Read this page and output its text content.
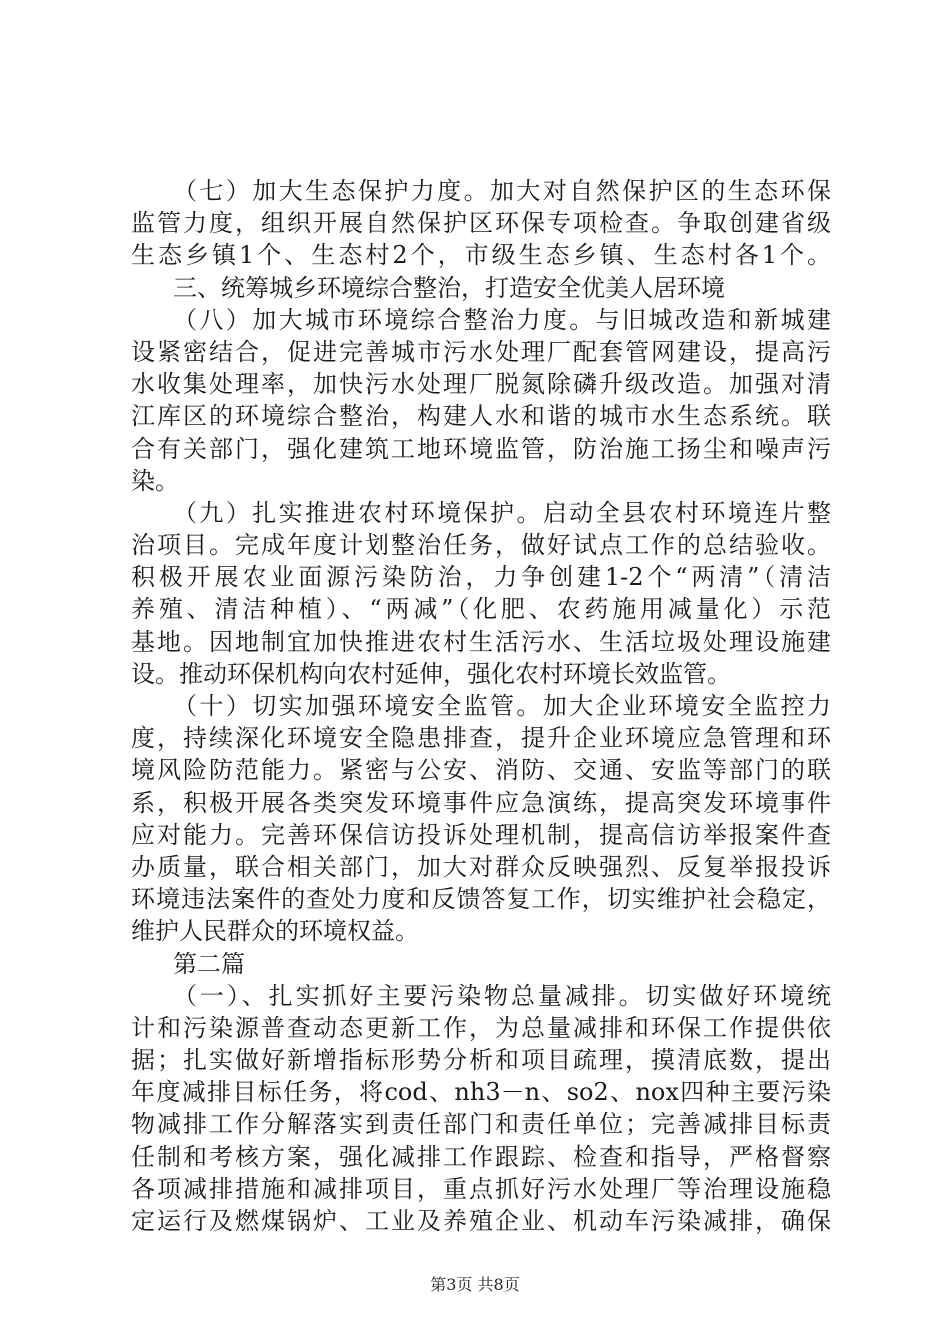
（七）加大生态保护力度。加大对自然保护区的生态环保
监管力度，组织开展自然保护区环保专项检查。争取创建省级
生态乡镇1个、生态村2个，市级生态乡镇、生态村各1个。
三、统筹城乡环境综合整治，打造安全优美人居环境
（八）加大城市环境综合整治力度。与旧城改造和新城建
设紧密结合，促进完善城市污水处理厂配套管网建设，提高污
水收集处理率，加快污水处理厂脱氮除磷升级改造。加强对清
江库区的环境综合整治，构建人水和谐的城市水生态系统。联
合有关部门，强化建筑工地环境监管，防治施工扬尘和噪声污
染。
（九）扎实推进农村环境保护。启动全县农村环境连片整
治项目。完成年度计划整治任务，做好试点工作的总结验收。
积极开展农业面源污染防治，力争创建1-2个“两清”（清洁
养殖、清洁种植）、“两减”（化肥、农药施用减量化）示范
基地。因地制宜加快推进农村生活污水、生活垃圾处理设施建
设。推动环保机构向农村延伸，强化农村环境长效监管。
（十）切实加强环境安全监管。加大企业环境安全监控力
度，持续深化环境安全隐患排查，提升企业环境应急管理和环
境风险防范能力。紧密与公安、消防、交通、安监等部门的联
系，积极开展各类突发环境事件应急演练，提高突发环境事件
应对能力。完善环保信访投诉处理机制，提高信访举报案件查
办质量，联合相关部门，加大对群众反映强烈、反复举报投诉
环境违法案件的查处力度和反馈答复工作，切实维护社会稳定，
维护人民群众的环境权益。
第二篇
（一）、扎实抓好主要污染物总量减排。切实做好环境统
计和污染源普查动态更新工作，为总量减排和环保工作提供依
据；扎实做好新增指标形势分析和项目疏理，摸清底数，提出
年度减排目标任务，将cod、nh3－n、so2、nox四种主要污染
物减排工作分解落实到责任部门和责任单位；完善减排目标责
任制和考核方案，强化减排工作跟踪、检查和指导，严格督察
各项减排措施和减排项目，重点抓好污水处理厂等治理设施稳
定运行及燃煤锅炉、工业及养殖企业、机动车污染减排，确保
第3页 共8页
